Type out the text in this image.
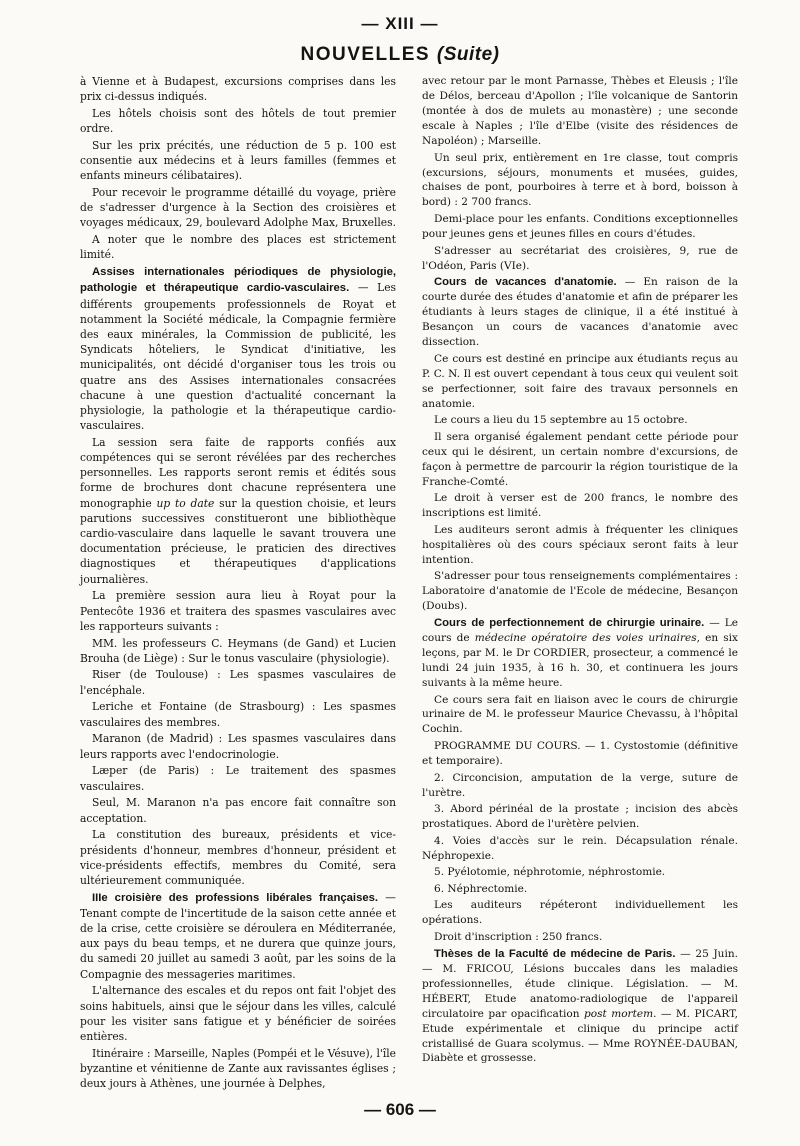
— XIII —
NOUVELLES (Suite)

à Vienne et à Budapest, excursions comprises dans les prix ci-dessus indiqués.

Les hôtels choisis sont des hôtels de tout premier ordre.

Sur les prix précités, une réduction de 5 p. 100 est consentie aux médecins et à leurs familles (femmes et enfants mineurs célibataires).

Pour recevoir le programme détaillé du voyage, prière de s'adresser d'urgence à la Section des croisières et voyages médicaux, 29, boulevard Adolphe Max, Bruxelles.

A noter que le nombre des places est strictement limité.

Assises internationales périodiques de physiologie, pathologie et thérapeutique cardio-vasculaires. — Les différents groupements professionnels de Royat et notamment la Société médicale, la Compagnie fermière des eaux minérales, la Commission de publicité, les Syndicats hôteliers, le Syndicat d'initiative, les municipalités, ont décidé d'organiser tous les trois ou quatre ans des Assises internationales consacrées chacune à une question d'actualité concernant la physiologie, la pathologie et la thérapeutique cardio-vasculaires.

La session sera faite de rapports confiés aux compétences qui se seront révélées par des recherches personnelles. Les rapports seront remis et édités sous forme de brochures dont chacune représentera une monographie up to date sur la question choisie, et leurs parutions successives constitueront une bibliothèque cardio-vasculaire dans laquelle le savant trouvera une documentation précieuse, le praticien des directives diagnostiques et thérapeutiques d'applications journalières.

La première session aura lieu à Royat pour la Pentecôte 1936 et traitera des spasmes vasculaires avec les rapporteurs suivants :

MM. les professeurs C. Heymans (de Gand) et Lucien Brouha (de Liège) : Sur le tonus vasculaire (physiologie).

Riser (de Toulouse) : Les spasmes vasculaires de l'encéphale.

Leriche et Fontaine (de Strasbourg) : Les spasmes vasculaires des membres.

Maranon (de Madrid) : Les spasmes vasculaires dans leurs rapports avec l'endocrinologie.

Læper (de Paris) : Le traitement des spasmes vasculaires.

Seul, M. Maranon n'a pas encore fait connaître son acceptation.

La constitution des bureaux, présidents et vice-présidents d'honneur, membres d'honneur, président et vice-présidents effectifs, membres du Comité, sera ultérieurement communiquée.

IIIe croisière des professions libérales françaises. — Tenant compte de l'incertitude de la saison cette année et de la crise, cette croisière se déroulera en Méditerranée, aux pays du beau temps, et ne durera que quinze jours, du samedi 20 juillet au samedi 3 août, par les soins de la Compagnie des messageries maritimes.

L'alternance des escales et du repos ont fait l'objet des soins habituels, ainsi que le séjour dans les villes, calculé pour les visiter sans fatigue et y bénéficier de soirées entières.

Itinéraire : Marseille, Naples (Pompéi et le Vésuve), l'île byzantine et vénitienne de Zante aux ravissantes églises ; deux jours à Athènes, une journée à Delphes,

avec retour par le mont Parnasse, Thèbes et Eleusis ; l'île de Délos, berceau d'Apollon ; l'île volcanique de Santorin (montée à dos de mulets au monastère) ; une seconde escale à Naples ; l'île d'Elbe (visite des résidences de Napoléon) ; Marseille.

Un seul prix, entièrement en 1re classe, tout compris (excursions, séjours, monuments et musées, guides, chaises de pont, pourboires à terre et à bord, boisson à bord) : 2 700 francs.

Demi-place pour les enfants. Conditions exceptionnelles pour jeunes gens et jeunes filles en cours d'études.

S'adresser au secrétariat des croisières, 9, rue de l'Odéon, Paris (VIe).

Cours de vacances d'anatomie. — En raison de la courte durée des études d'anatomie et afin de préparer les étudiants à leurs stages de clinique, il a été institué à Besançon un cours de vacances d'anatomie avec dissection.

Ce cours est destiné en principe aux étudiants reçus au P. C. N. Il est ouvert cependant à tous ceux qui veulent soit se perfectionner, soit faire des travaux personnels en anatomie.

Le cours a lieu du 15 septembre au 15 octobre.

Il sera organisé également pendant cette période pour ceux qui le désirent, un certain nombre d'excursions, de façon à permettre de parcourir la région touristique de la Franche-Comté.

Le droit à verser est de 200 francs, le nombre des inscriptions est limité.

Les auditeurs seront admis à fréquenter les cliniques hospitalières où des cours spéciaux seront faits à leur intention.

S'adresser pour tous renseignements complémentaires : Laboratoire d'anatomie de l'Ecole de médecine, Besançon (Doubs).

Cours de perfectionnement de chirurgie urinaire. — Le cours de médecine opératoire des voies urinaires, en six leçons, par M. le Dr CORDIER, prosecteur, a commencé le lundi 24 juin 1935, à 16 h. 30, et continuera les jours suivants à la même heure.

Ce cours sera fait en liaison avec le cours de chirurgie urinaire de M. le professeur Maurice Chevassu, à l'hôpital Cochin.

PROGRAMME DU COURS. — 1. Cystostomie (définitive et temporaire).

2. Circoncision, amputation de la verge, suture de l'urètre.

3. Abord périnéal de la prostate ; incision des abcès prostatiques. Abord de l'urètère pelvien.

4. Voies d'accès sur le rein. Décapsulation rénale. Néphropexie.

5. Pyélotomie, néphrotomie, néphrostomie.

6. Néphrectomie.

Les auditeurs répéteront individuellement les opérations.

Droit d'inscription : 250 francs.

Thèses de la Faculté de médecine de Paris. — 25 Juin. — M. FRICOU, Lésions buccales dans les maladies professionnelles, étude clinique. Législation. — M. HÉBERT, Etude anatomo-radiologique de l'appareil circulatoire par opacification post mortem. — M. PICART, Etude expérimentale et clinique du principe actif cristallisé de Guara scolymus. — Mme ROYNÉE-DAUBAN, Diabète et grossesse.

— 606 —
